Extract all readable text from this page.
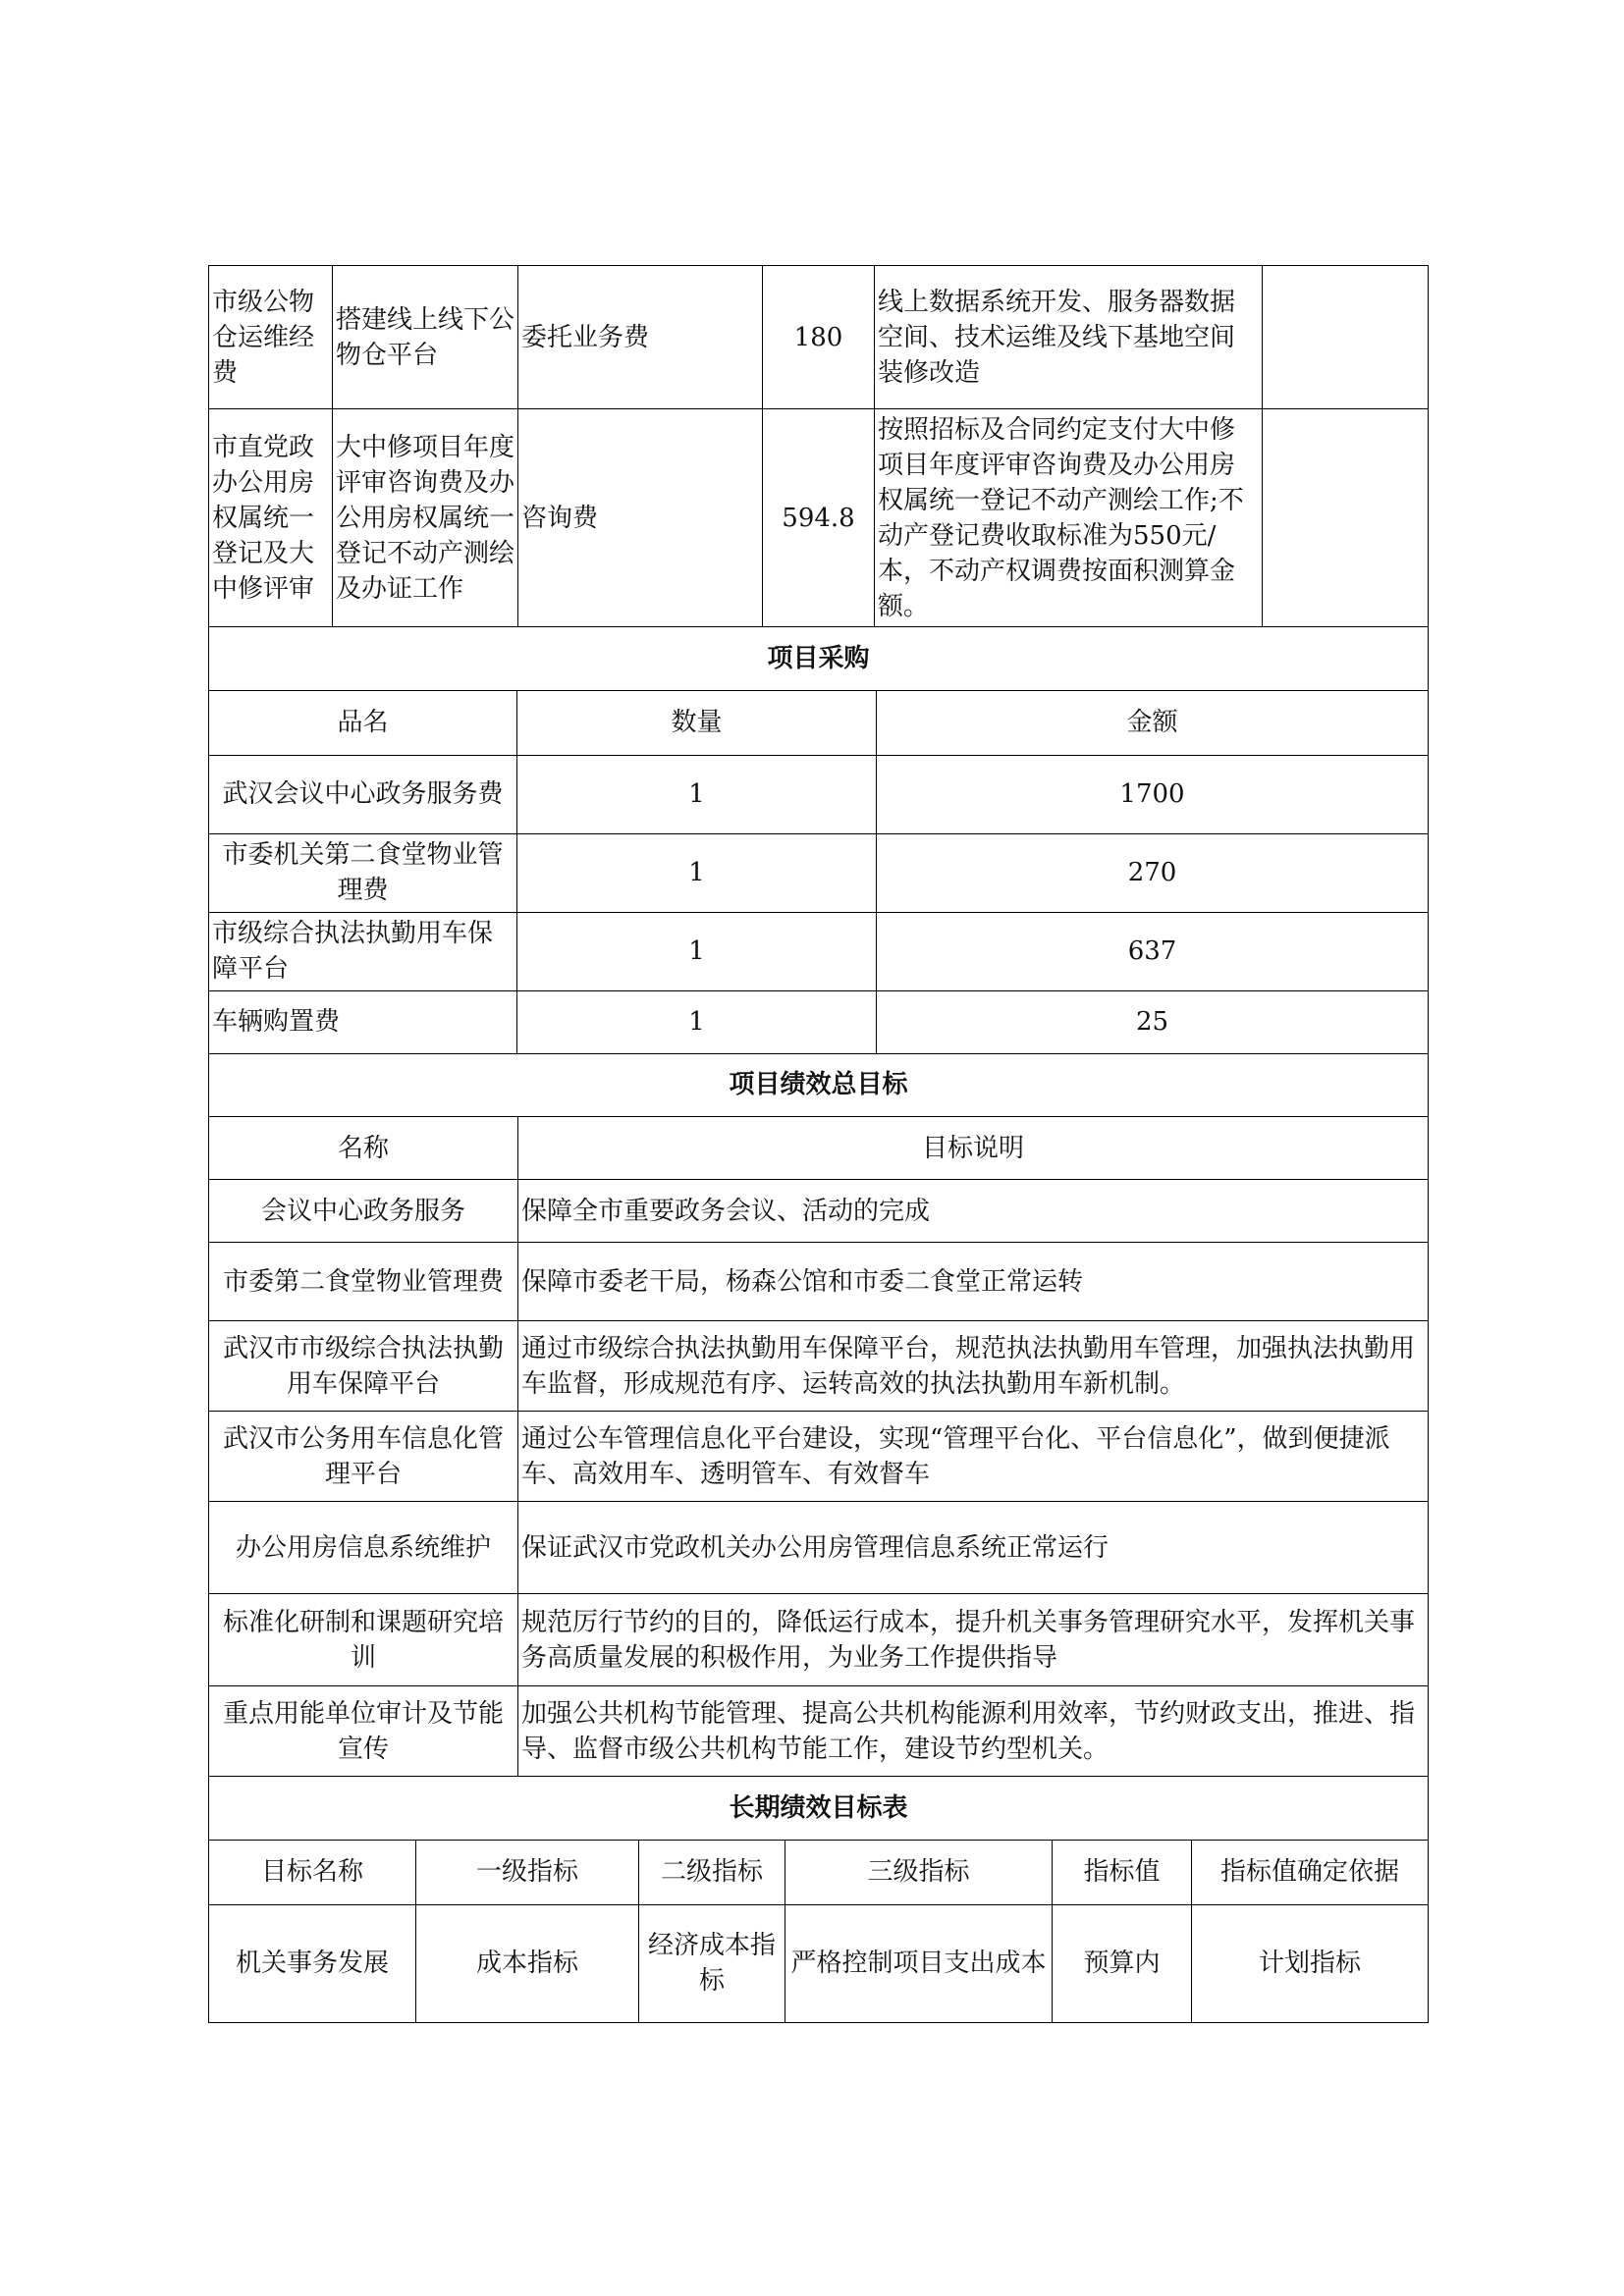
市级公物仓运维经费	搭建线上线下公物仓平台	委托业务费	180	线上数据系统开发、服务器数据空间、技术运维及线下基地空间装修改造	
市直党政办公用房权属统一登记及大中修评审	大中修项目年度评审咨询费及办公用房权属统一登记不动产测绘及办证工作	咨询费	594.8	按照招标及合同约定支付大中修项目年度评审咨询费及办公用房权属统一登记不动产测绘工作;不动产登记费收取标准为550元/本，不动产权调费按面积测算金额。	
项目采购		
品名	数量	金额
武汉会议中心政务服务费	1	1700
市委机关第二食堂物业管理费	1	270
市级综合执法执勤用车保障平台	1	637
车辆购置费	1	25
项目绩效总目标	
名称	目标说明
会议中心政务服务	保障全市重要政务会议、活动的完成
市委第二食堂物业管理费	保障市委老干局，杨森公馆和市委二食堂正常运转
武汉市市级综合执法执勤用车保障平台	通过市级综合执法执勤用车保障平台，规范执法执勤用车管理，加强执法执勤用车监督，形成规范有序、运转高效的执法执勤用车新机制。
武汉市公务用车信息化管理平台	通过公车管理信息化平台建设，实现“管理平台化、平台信息化”，做到便捷派车、高效用车、透明管车、有效督车
办公用房信息系统维护	保证武汉市党政机关办公用房管理信息系统正常运行
标准化研制和课题研究培训	规范厉行节约的目的，降低运行成本，提升机关事务管理研究水平，发挥机关事务高质量发展的积极作用，为业务工作提供指导
重点用能单位审计及节能宣传	加强公共机构节能管理、提高公共机构能源利用效率，节约财政支出，推进、指导、监督市级公共机构节能工作，建设节约型机关。
长期绩效目标表					
目标名称	一级指标	二级指标	三级指标	指标值	指标值确定依据
机关事务发展	成本指标	经济成本指标	严格控制项目支出成本	预算内	计划指标
